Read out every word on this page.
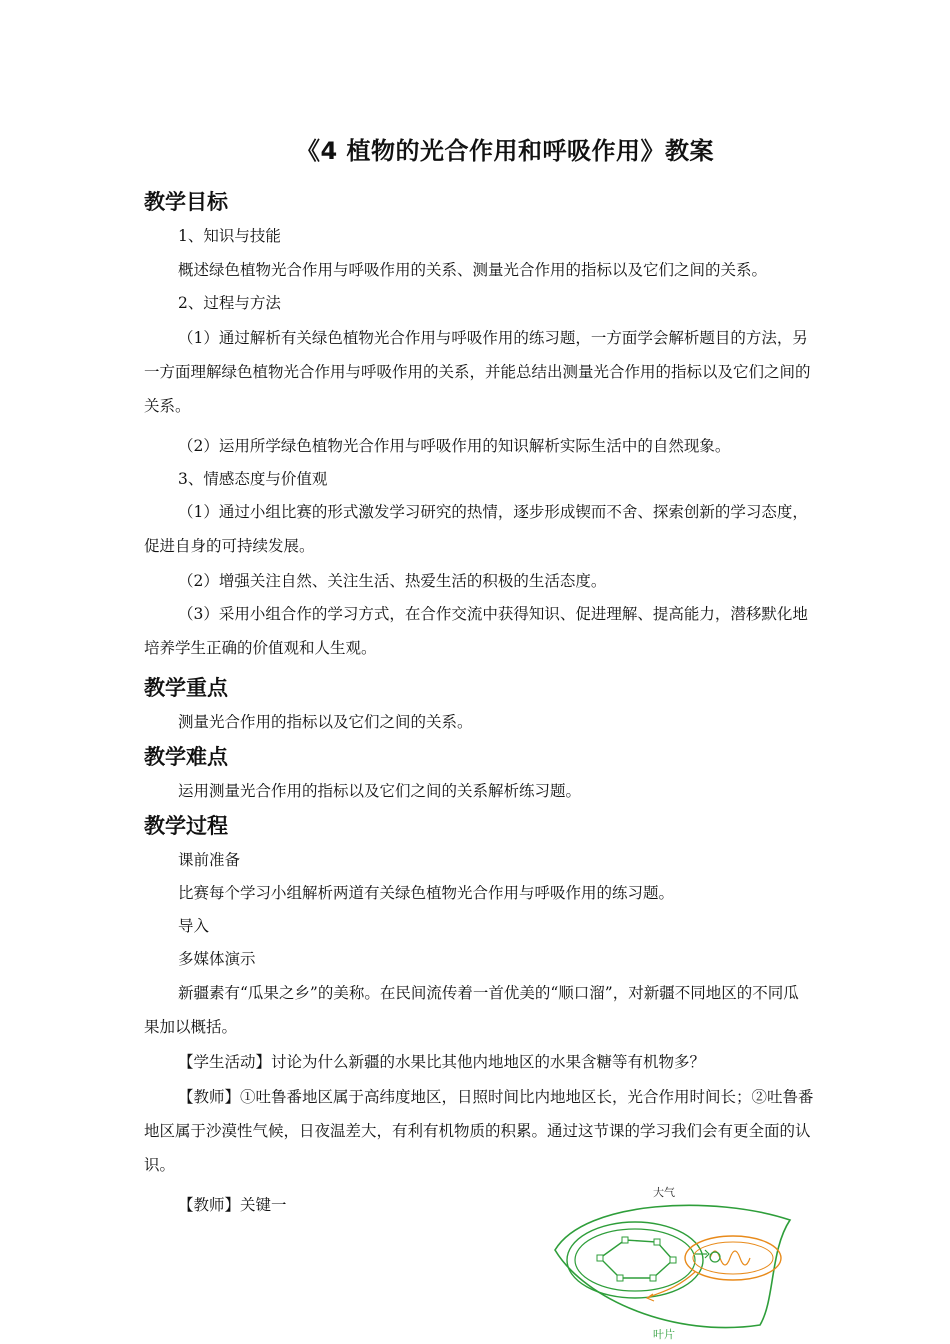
《4 植物的光合作用和呼吸作用》教案
教学目标
1、知识与技能
概述绿色植物光合作用与呼吸作用的关系、测量光合作用的指标以及它们之间的关系。
2、过程与方法
（1）通过解析有关绿色植物光合作用与呼吸作用的练习题，一方面学会解析题目的方法，另一方面理解绿色植物光合作用与呼吸作用的关系，并能总结出测量光合作用的指标以及它们之间的关系。
（2）运用所学绿色植物光合作用与呼吸作用的知识解析实际生活中的自然现象。
3、情感态度与价值观
（1）通过小组比赛的形式激发学习研究的热情，逐步形成锲而不舍、探索创新的学习态度，促进自身的可持续发展。
（2）增强关注自然、关注生活、热爱生活的积极的生活态度。
（3）采用小组合作的学习方式，在合作交流中获得知识、促进理解、提高能力，潜移默化地培养学生正确的价值观和人生观。
教学重点
测量光合作用的指标以及它们之间的关系。
教学难点
运用测量光合作用的指标以及它们之间的关系解析练习题。
教学过程
课前准备
比赛每个学习小组解析两道有关绿色植物光合作用与呼吸作用的练习题。
导入
多媒体演示
新疆素有“瓜果之乡”的美称。在民间流传着一首优美的“顺口溜”，对新疆不同地区的不同瓜果加以概括。
【学生活动】讨论为什么新疆的水果比其他内地地区的水果含糖等有机物多？
【教师】①吐鲁番地区属于高纬度地区，日照时间比内地地区长，光合作用时间长；②吐鲁番地区属于沙漠性气候，日夜温差大，有利有机物质的积累。通过这节课的学习我们会有更全面的认识。
【教师】关键一
大气
叶片
